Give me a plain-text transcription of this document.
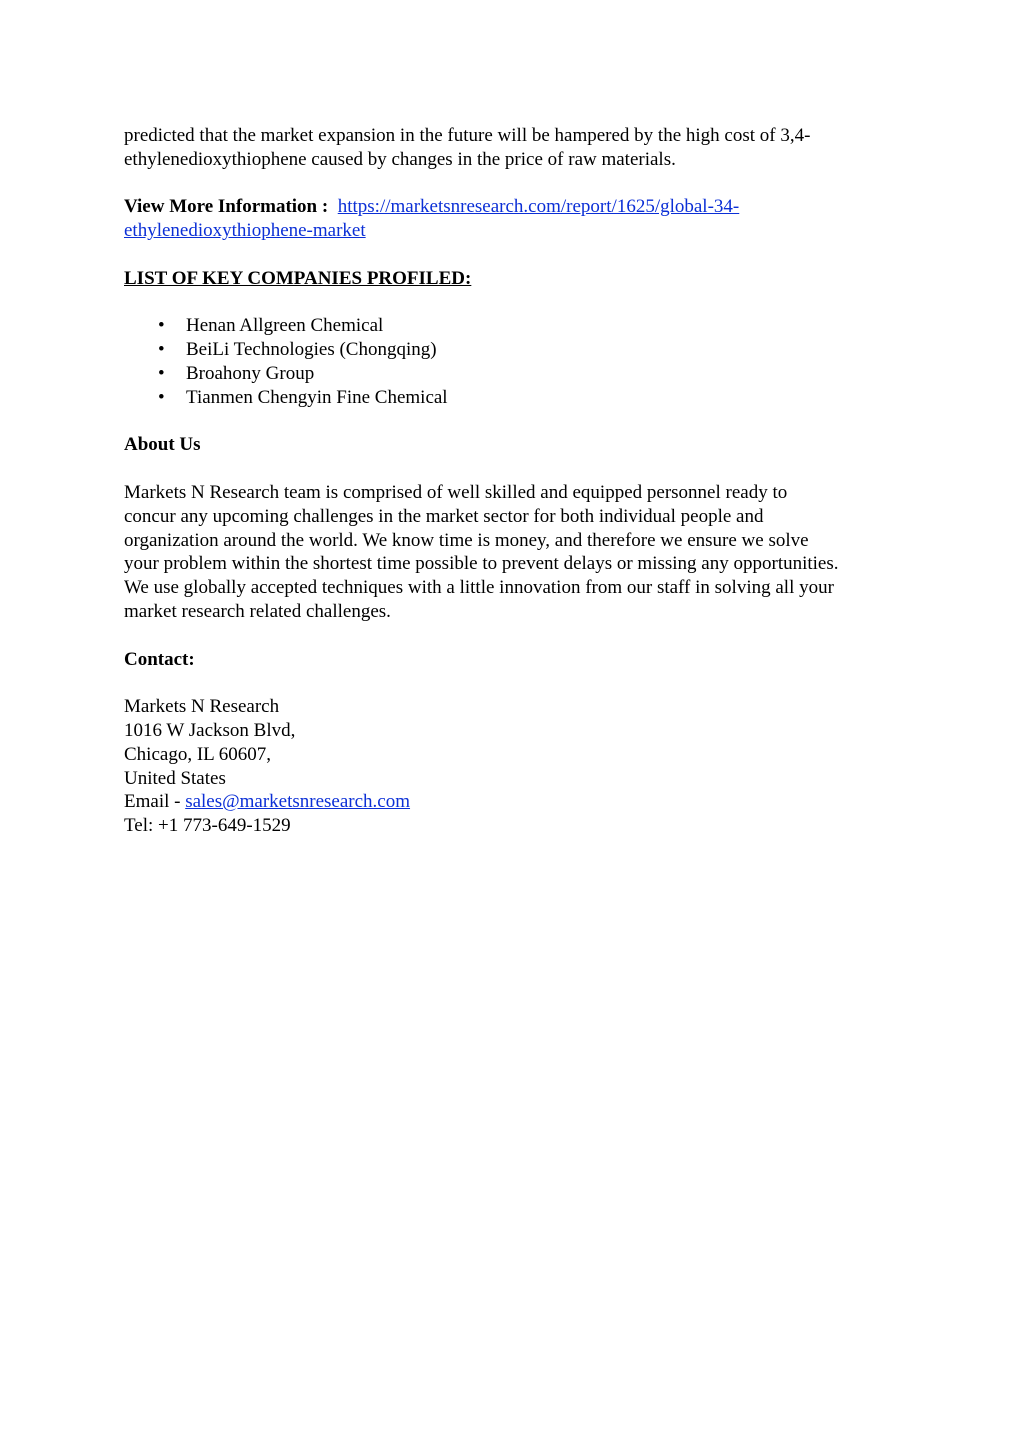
predicted that the market expansion in the future will be hampered by the high cost of 3,4-

ethylenedioxythiophene caused by changes in the price of raw materials.

View More Information : https://marketsnresearch.com/report/1625/global-34-

ethylenedioxythiophene-market

LIST OF KEY COMPANIES PROFILED:

• Henan Allgreen Chemical
• BeiLi Technologies (Chongqing)
• Broahony Group
• Tianmen Chengyin Fine Chemical

About Us

Markets N Research team is comprised of well skilled and equipped personnel ready to

concur any upcoming challenges in the market sector for both individual people and

organization around the world. We know time is money, and therefore we ensure we solve

your problem within the shortest time possible to prevent delays or missing any opportunities.

We use globally accepted techniques with a little innovation from our staff in solving all your

market research related challenges.

Contact:

Markets N Research

1016 W Jackson Blvd,

Chicago, IL 60607,

United States

Email - sales@marketsnresearch.com

Tel: +1 773-649-1529
